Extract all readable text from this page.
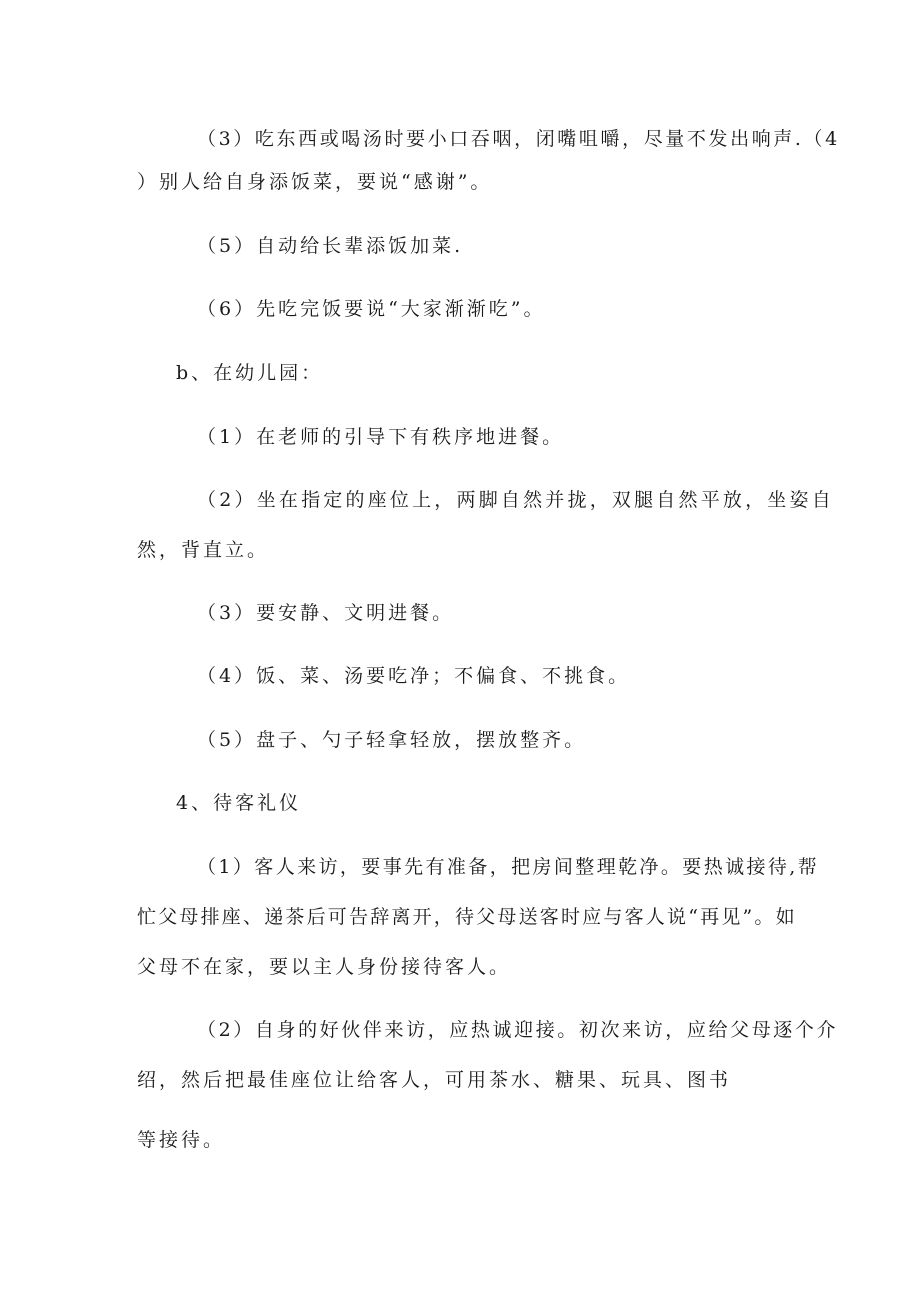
（3）吃东西或喝汤时要小口吞咽，闭嘴咀嚼，尽量不发出响声.（4

）别人给自身添饭菜，要说“感谢”。

（5）自动给长辈添饭加菜.

（6）先吃完饭要说“大家渐渐吃”。

b、在幼儿园：

（1）在老师的引导下有秩序地进餐。

（2）坐在指定的座位上，两脚自然并拢，双腿自然平放，坐姿自

然，背直立。

（3）要安静、文明进餐。

（4）饭、菜、汤要吃净；不偏食、不挑食。

（5）盘子、勺子轻拿轻放，摆放整齐。

4、待客礼仪

（1）客人来访，要事先有准备，把房间整理乾净。要热诚接待,帮

忙父母排座、递茶后可告辞离开，待父母送客时应与客人说“再见”。如

父母不在家，要以主人身份接待客人。

（2）自身的好伙伴来访，应热诚迎接。初次来访，应给父母逐个介

绍，然后把最佳座位让给客人，可用茶水、糖果、玩具、图书

等接待。
